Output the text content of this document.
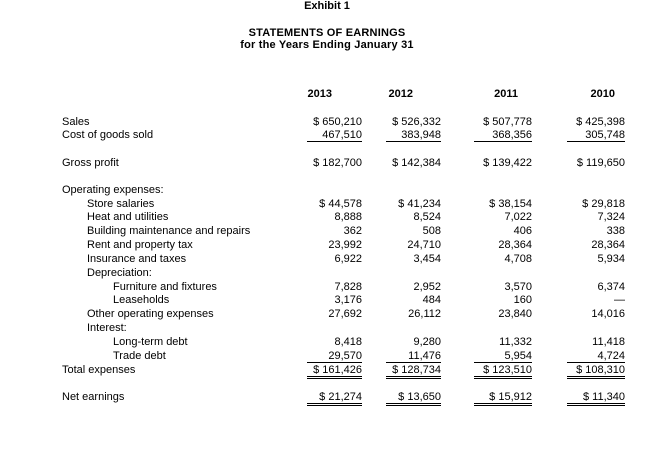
Exhibit 1
STATEMENTS OF EARNINGS
for the Years Ending January 31
2013	2012	2011	2010
Sales	$ 650,210	$ 526,332	$ 507,778	$ 425,398
Cost of goods sold	467,510	383,948	368,356	305,748
Gross profit	$ 182,700	$ 142,384	$ 139,422	$ 119,650
Operating expenses:
Store salaries	$ 44,578	$ 41,234	$ 38,154	$ 29,818
Heat and utilities	8,888	8,524	7,022	7,324
Building maintenance and repairs	362	508	406	338
Rent and property tax	23,992	24,710	28,364	28,364
Insurance and taxes	6,922	3,454	4,708	5,934
Depreciation:
Furniture and fixtures	7,828	2,952	3,570	6,374
Leaseholds	3,176	484	160	—
Other operating expenses	27,692	26,112	23,840	14,016
Interest:
Long-term debt	8,418	9,280	11,332	11,418
Trade debt	29,570	11,476	5,954	4,724
Total expenses	$ 161,426	$ 128,734	$ 123,510	$ 108,310
Net earnings	$ 21,274	$ 13,650	$ 15,912	$ 11,340
